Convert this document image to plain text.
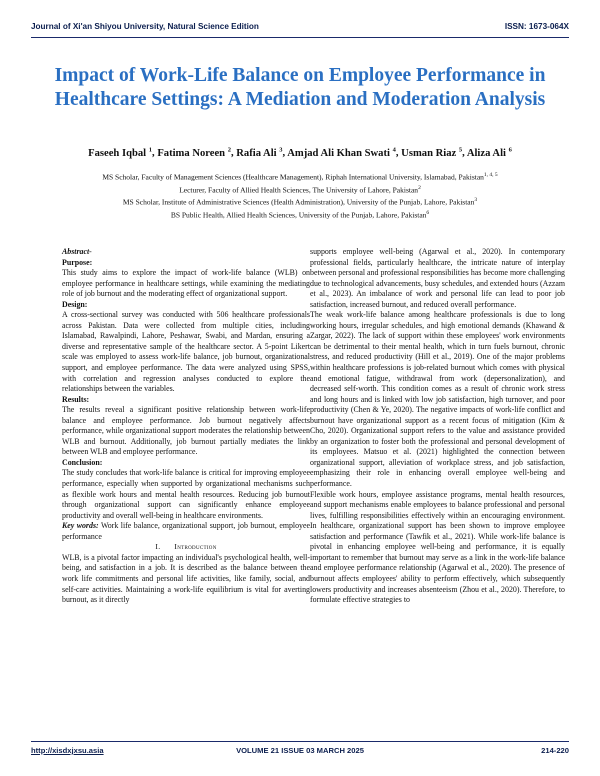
Journal of Xi'an Shiyou University, Natural Science Edition	ISSN: 1673-064X
Impact of Work-Life Balance on Employee Performance in Healthcare Settings: A Mediation and Moderation Analysis
Faseeh Iqbal $^1$, Fatima Noreen $^2$, Rafia Ali $^3$, Amjad Ali Khan Swati $^4$, Usman Riaz $^5$, Aliza Ali $^6$
MS Scholar, Faculty of Management Sciences (Healthcare Management), Riphah International University, Islamabad, Pakistan$^{1, 4, 5}$
Lecturer, Faculty of Allied Health Sciences, The University of Lahore, Pakistan$^2$
MS Scholar, Institute of Administrative Sciences (Health Administration), University of the Punjab, Lahore, Pakistan$^3$
BS Public Health, Allied Health Sciences, University of the Punjab, Lahore, Pakistan$^6$

Abstract-

Purpose:

This study aims to explore the impact of work-life balance (WLB) on employee performance in healthcare settings, while examining the mediating role of job burnout and the moderating effect of organizational support.

Design:

A cross-sectional survey was conducted with 506 healthcare professionals across Pakistan. Data were collected from multiple cities, including Islamabad, Rawalpindi, Lahore, Peshawar, Swabi, and Mardan, ensuring a diverse and representative sample of the healthcare sector. A 5-point Likert scale was employed to assess work-life balance, job burnout, organizational support, and employee performance. The data were analyzed using SPSS, with correlation and regression analyses conducted to explore the relationships between the variables.

Results:

The results reveal a significant positive relationship between work-life balance and employee performance. Job burnout negatively affects performance, while organizational support moderates the relationship between WLB and burnout. Additionally, job burnout partially mediates the link between WLB and employee performance.

Conclusion:

The study concludes that work-life balance is critical for improving employee performance, especially when supported by organizational mechanisms such as flexible work hours and mental health resources. Reducing job burnout through organizational support can significantly enhance employee productivity and overall well-being in healthcare environments.

Key words: Work life balance, organizational support, job burnout, employee performance

I. Introduction

WLB, is a pivotal factor impacting an individual's psychological health, well-being, and satisfaction in a job. It is described as the balance between the work life commitments and personal life activities, like family, social, and self-care activities. Maintaining a work-life equilibrium is vital for averting burnout, as it directly

supports employee well-being (Agarwal et al., 2020). In contemporary professional fields, particularly healthcare, the intricate nature of interplay between personal and professional responsibilities has become more challenging due to technological advancements, busy schedules, and extended hours (Azzam et al., 2023). An imbalance of work and personal life can lead to poor job satisfaction, increased burnout, and reduced overall performance.

The weak work-life balance among healthcare professionals is due to long working hours, irregular schedules, and high emotional demands (Khawand & Zargar, 2022). The lack of support within these employees' work environments can be detrimental to their mental health, which in turn fuels burnout, chronic stress, and reduced productivity (Hill et al., 2019). One of the major problems within healthcare professions is job-related burnout which comes with physical and emotional fatigue, withdrawal from work (depersonalization), and decreased self-worth. This condition comes as a result of chronic work stress and long hours and is linked with low job satisfaction, high turnover, and poor productivity (Chen & Ye, 2020). The negative impacts of work-life conflict and burnout have organizational support as a recent focus of mitigation (Kim & Cho, 2020). Organizational support refers to the value and assistance provided by an organization to foster both the professional and personal development of its employees. Matsuo et al. (2021) highlighted the connection between organizational support, alleviation of workplace stress, and job satisfaction, emphasizing their role in enhancing overall employee well-being and performance.

Flexible work hours, employee assistance programs, mental health resources, and support mechanisms enable employees to balance professional and personal lives, fulfilling responsibilities effectively within an encouraging environment. In healthcare, organizational support has been shown to improve employee satisfaction and performance (Tawfik et al., 2021). While work-life balance is pivotal in enhancing employee well-being and performance, it is equally important to remember that burnout may serve as a link in the work-life balance and employee performance relationship (Agarwal et al., 2020). The presence of burnout affects employees' ability to perform effectively, which subsequently lowers productivity and increases absenteeism (Zhou et al., 2020). Therefore, to formulate effective strategies to

http://xisdxjxsu.asia	VOLUME 21 ISSUE 03 MARCH 2025	214-220
